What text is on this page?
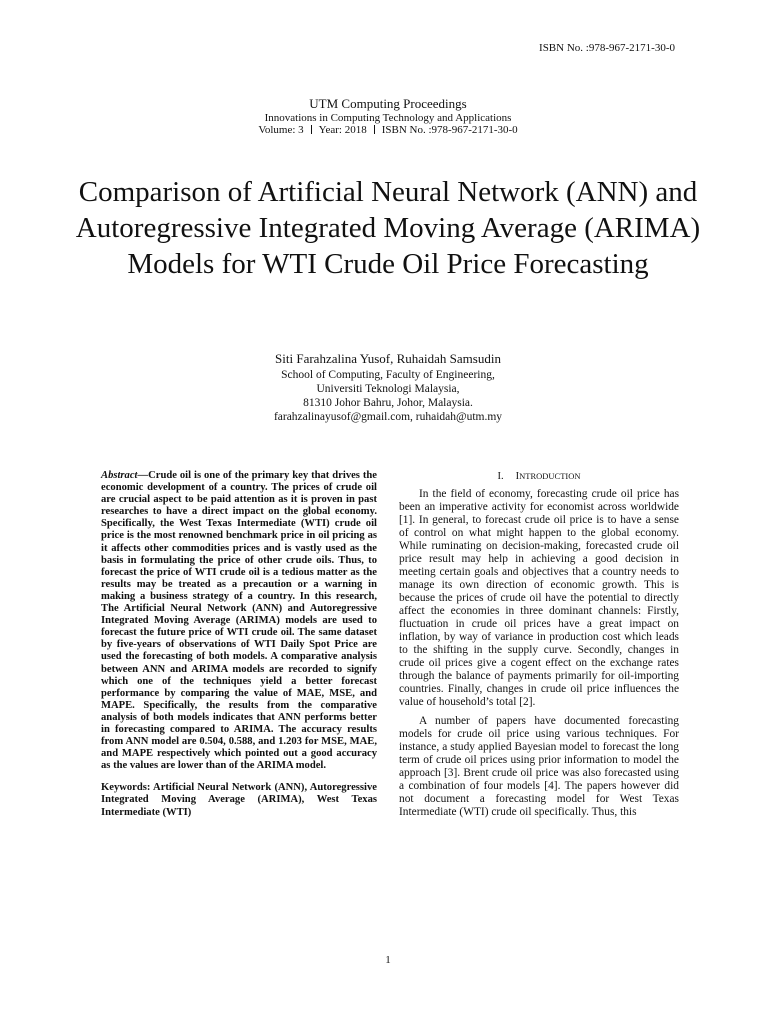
ISBN No. :978-967-2171-30-0
UTM Computing Proceedings
Innovations in Computing Technology and Applications
Volume: 3 Year: 2018 ISBN No. :978-967-2171-30-0
Comparison of Artificial Neural Network (ANN) and Autoregressive Integrated Moving Average (ARIMA) Models for WTI Crude Oil Price Forecasting
Siti Farahzalina Yusof, Ruhaidah Samsudin
School of Computing, Faculty of Engineering,
Universiti Teknologi Malaysia,
81310 Johor Bahru, Johor, Malaysia.
farahzalinayusof@gmail.com, ruhaidah@utm.my

Abstract—Crude oil is one of the primary key that drives the economic development of a country. The prices of crude oil are crucial aspect to be paid attention as it is proven in past researches to have a direct impact on the global economy. Specifically, the West Texas Intermediate (WTI) crude oil price is the most renowned benchmark price in oil pricing as it affects other commodities prices and is vastly used as the basis in formulating the price of other crude oils. Thus, to forecast the price of WTI crude oil is a tedious matter as the results may be treated as a precaution or a warning in making a business strategy of a country. In this research, The Artificial Neural Network (ANN) and Autoregressive Integrated Moving Average (ARIMA) models are used to forecast the future price of WTI crude oil. The same dataset by five-years of observations of WTI Daily Spot Price are used the forecasting of both models. A comparative analysis between ANN and ARIMA models are recorded to signify which one of the techniques yield a better forecast performance by comparing the value of MAE, MSE, and MAPE. Specifically, the results from the comparative analysis of both models indicates that ANN performs better in forecasting compared to ARIMA. The accuracy results from ANN model are 0.504, 0.588, and 1.203 for MSE, MAE, and MAPE respectively which pointed out a good accuracy as the values are lower than of the ARIMA model.

Keywords: Artificial Neural Network (ANN), Autoregressive Integrated Moving Average (ARIMA), West Texas Intermediate (WTI)

I. INTRODUCTION

In the field of economy, forecasting crude oil price has been an imperative activity for economist across worldwide [1]. In general, to forecast crude oil price is to have a sense of control on what might happen to the global economy. While ruminating on decision-making, forecasted crude oil price result may help in achieving a good decision in meeting certain goals and objectives that a country needs to manage its own direction of economic growth. This is because the prices of crude oil have the potential to directly affect the economies in three dominant channels: Firstly, fluctuation in crude oil prices have a great impact on inflation, by way of variance in production cost which leads to the shifting in the supply curve. Secondly, changes in crude oil prices give a cogent effect on the exchange rates through the balance of payments primarily for oil-importing countries. Finally, changes in crude oil price influences the value of household’s total [2].

A number of papers have documented forecasting models for crude oil price using various techniques. For instance, a study applied Bayesian model to forecast the long term of crude oil prices using prior information to model the approach [3]. Brent crude oil price was also forecasted using a combination of four models [4]. The papers however did not document a forecasting model for West Texas Intermediate (WTI) crude oil specifically. Thus, this

1
